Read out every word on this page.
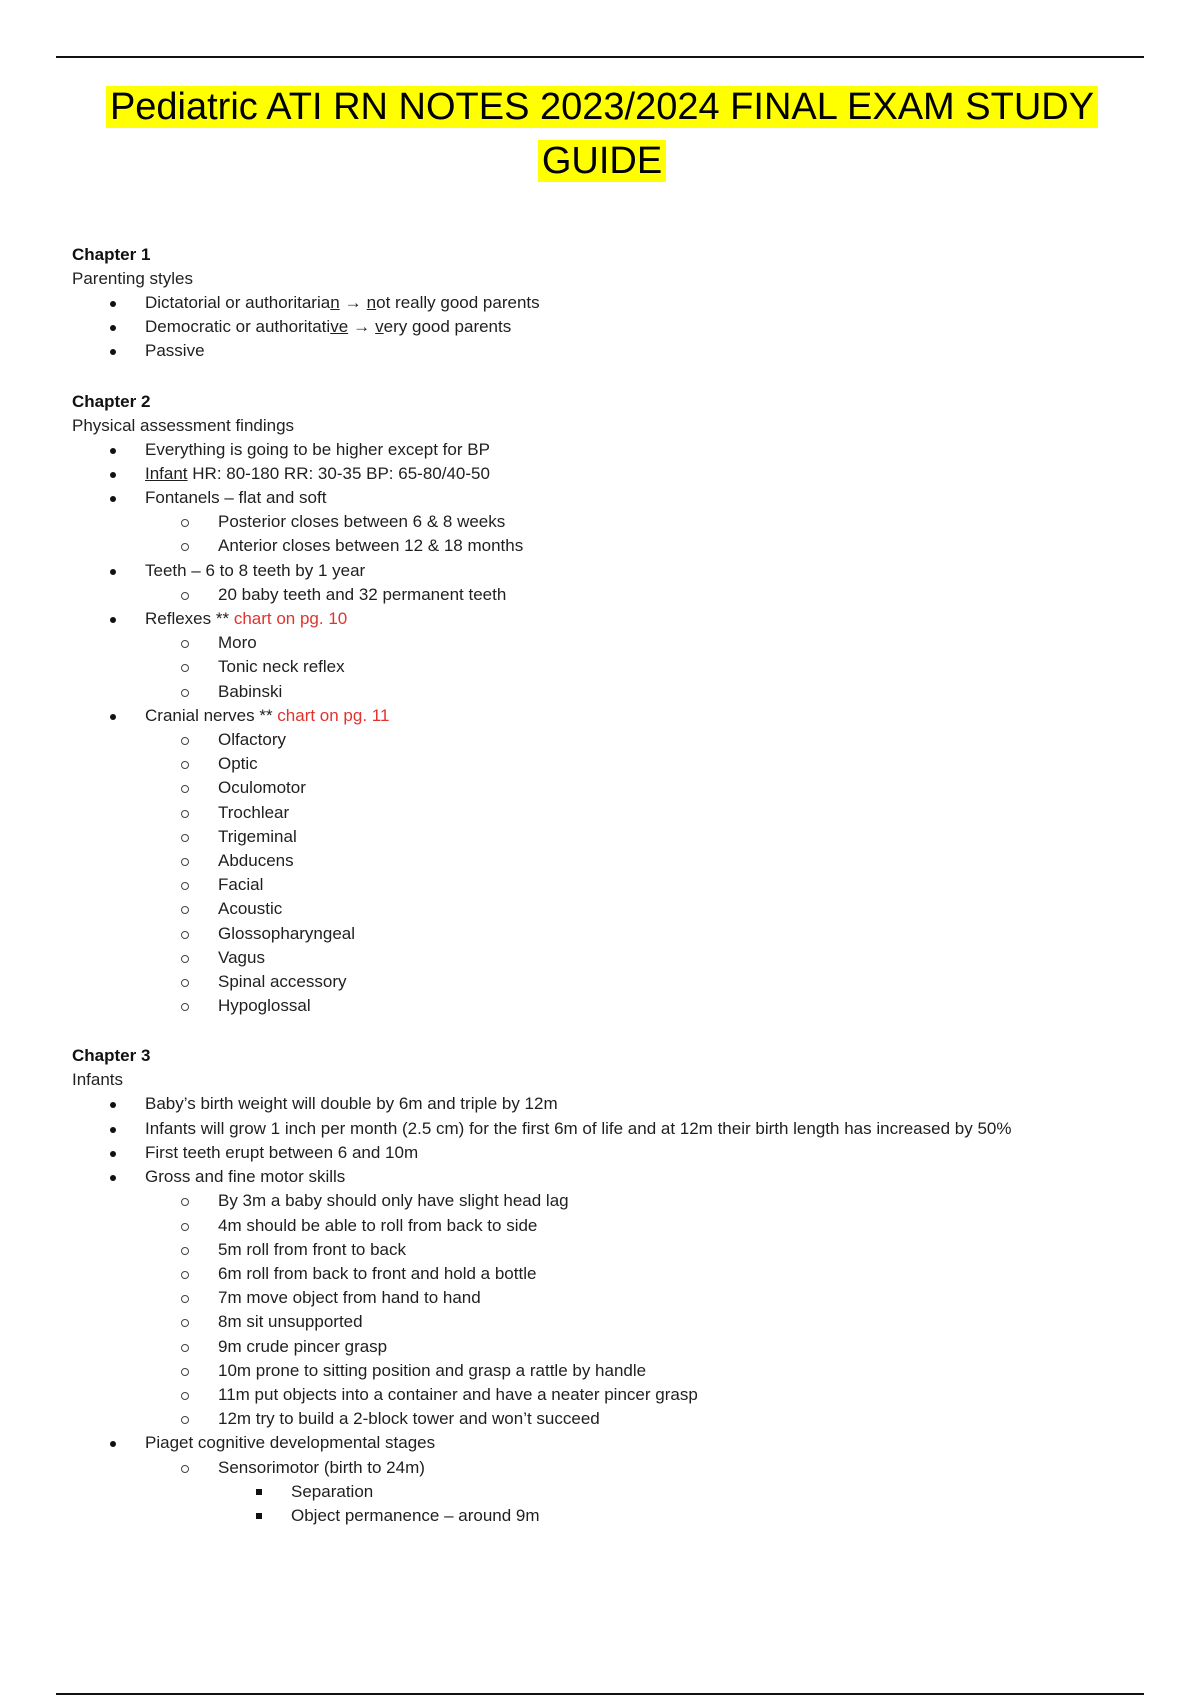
Pediatric ATI RN NOTES 2023/2024 FINAL EXAM STUDY GUIDE
Chapter 1
Parenting styles
Dictatorial or authoritarian → not really good parents
Democratic or authoritative → very good parents
Passive
Chapter 2
Physical assessment findings
Everything is going to be higher except for BP
Infant HR: 80-180 RR: 30-35 BP: 65-80/40-50
Fontanels – flat and soft
Posterior closes between 6 & 8 weeks
Anterior closes between 12 & 18 months
Teeth – 6 to 8 teeth by 1 year
20 baby teeth and 32 permanent teeth
Reflexes ** chart on pg. 10
Moro
Tonic neck reflex
Babinski
Cranial nerves ** chart on pg. 11
Olfactory
Optic
Oculomotor
Trochlear
Trigeminal
Abducens
Facial
Acoustic
Glossopharyngeal
Vagus
Spinal accessory
Hypoglossal
Chapter 3
Infants
Baby’s birth weight will double by 6m and triple by 12m
Infants will grow 1 inch per month (2.5 cm) for the first 6m of life and at 12m their birth length has increased by 50%
First teeth erupt between 6 and 10m
Gross and fine motor skills
By 3m a baby should only have slight head lag
4m should be able to roll from back to side
5m roll from front to back
6m roll from back to front and hold a bottle
7m move object from hand to hand
8m sit unsupported
9m crude pincer grasp
10m prone to sitting position and grasp a rattle by handle
11m put objects into a container and have a neater pincer grasp
12m try to build a 2-block tower and won’t succeed
Piaget cognitive developmental stages
Sensorimotor (birth to 24m)
Separation
Object permanence – around 9m
